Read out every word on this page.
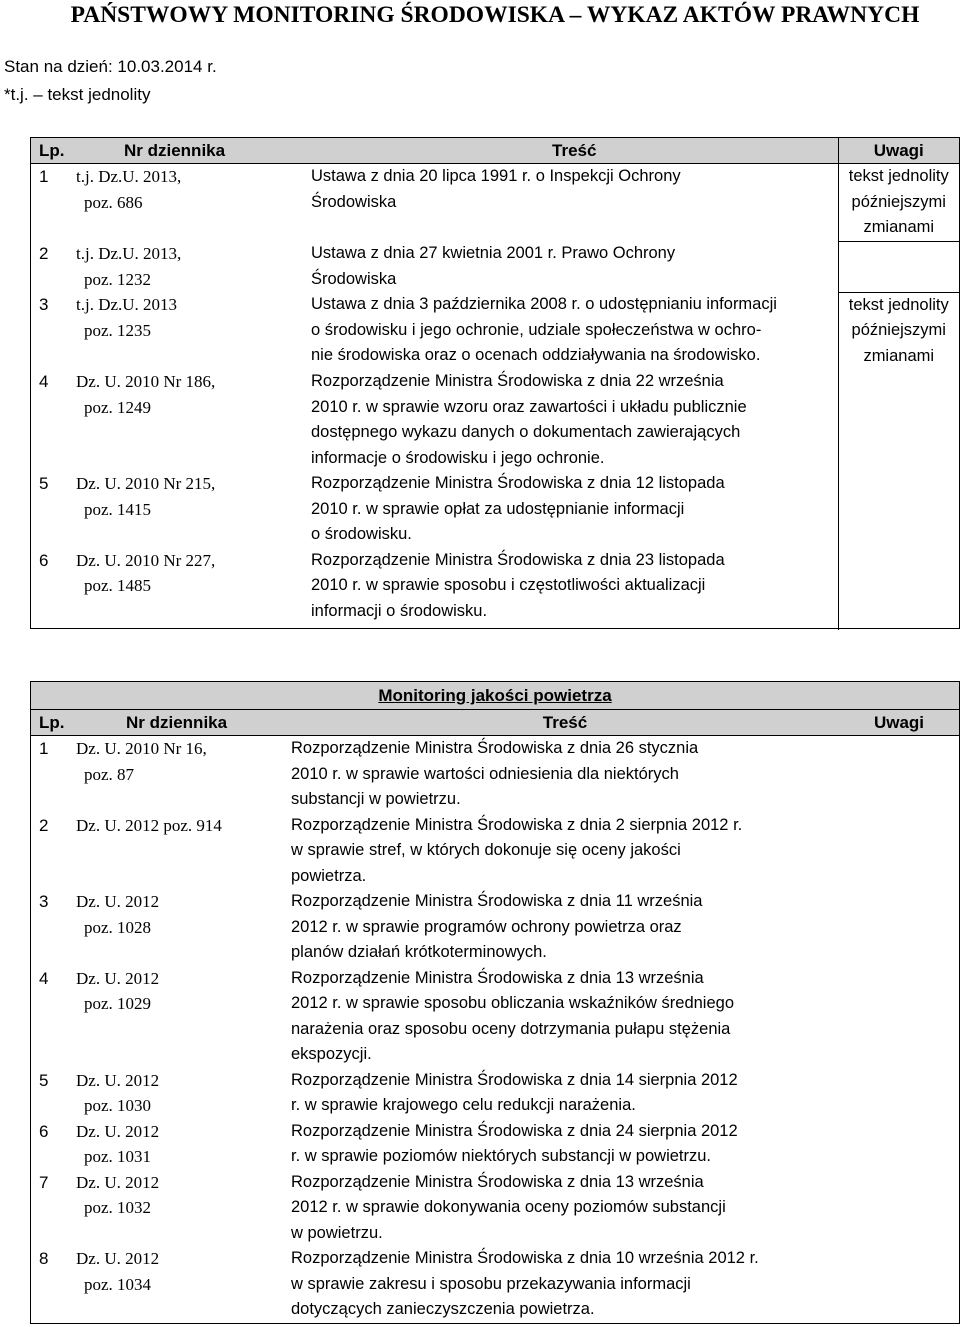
PAŃSTWOWY MONITORING ŚRODOWISKA – WYKAZ AKTÓW PRAWNYCH
Stan na dzień: 10.03.2014 r.
*t.j. – tekst jednolity
Lp.	Nr dziennika	Treść	Uwagi
1	t.j. Dz.U. 2013,
poz. 686	Ustawa z dnia 20 lipca 1991 r. o Inspekcji Ochrony
Środowiska	tekst jednolity
późniejszymi
zmianami

2	t.j. Dz.U. 2013,
poz. 1232	Ustawa z dnia 27 kwietnia 2001 r. Prawo Ochrony
Środowiska	

3	t.j. Dz.U. 2013
poz. 1235	Ustawa z dnia 3 października 2008 r. o udostępnianiu informacji
o środowisku i jego ochronie, udziale społeczeństwa w ochro-
nie środowiska oraz o ocenach oddziaływania na środowisko.	tekst jednolity
późniejszymi
zmianami

4	Dz. U. 2010 Nr 186,
poz. 1249	Rozporządzenie Ministra Środowiska z dnia 22 września
2010 r. w sprawie wzoru oraz zawartości i układu publicznie
dostępnego wykazu danych o dokumentach zawierających
informacje o środowisku i jego ochronie.	

5	Dz. U. 2010 Nr 215,
poz. 1415	Rozporządzenie Ministra Środowiska z dnia 12 listopada
2010 r. w sprawie opłat za udostępnianie informacji
o środowisku.	

6	Dz. U. 2010 Nr 227,
poz. 1485	Rozporządzenie Ministra Środowiska z dnia 23 listopada
2010 r. w sprawie sposobu i częstotliwości aktualizacji
informacji o środowisku.	

Monitoring jakości powietrza			
Lp.	Nr dziennika	Treść	Uwagi
1	Dz. U. 2010 Nr 16,
poz. 87	Rozporządzenie Ministra Środowiska z dnia 26 stycznia
2010 r. w sprawie wartości odniesienia dla niektórych
substancji w powietrzu.	

2	Dz. U. 2012 poz. 914	Rozporządzenie Ministra Środowiska z dnia 2 sierpnia 2012 r.
w sprawie stref, w których dokonuje się oceny jakości
powietrza.	

3	Dz. U. 2012
poz. 1028	Rozporządzenie Ministra Środowiska z dnia 11 września
2012 r. w sprawie programów ochrony powietrza oraz
planów działań krótkoterminowych.	

4	Dz. U. 2012
poz. 1029	Rozporządzenie Ministra Środowiska z dnia 13 września
2012 r. w sprawie sposobu obliczania wskaźników średniego
narażenia oraz sposobu oceny dotrzymania pułapu stężenia
ekspozycji.	

5	Dz. U. 2012
poz. 1030	Rozporządzenie Ministra Środowiska z dnia 14 sierpnia 2012
r. w sprawie krajowego celu redukcji narażenia.	

6	Dz. U. 2012
poz. 1031	Rozporządzenie Ministra Środowiska z dnia 24 sierpnia 2012
r. w sprawie poziomów niektórych substancji w powietrzu.	

7	Dz. U. 2012
poz. 1032	Rozporządzenie Ministra Środowiska z dnia 13 września
2012 r. w sprawie dokonywania oceny poziomów substancji
w powietrzu.	

8	Dz. U. 2012
poz. 1034	Rozporządzenie Ministra Środowiska z dnia 10 września 2012 r.
w sprawie zakresu i sposobu przekazywania informacji
dotyczących zanieczyszczenia powietrza.	
